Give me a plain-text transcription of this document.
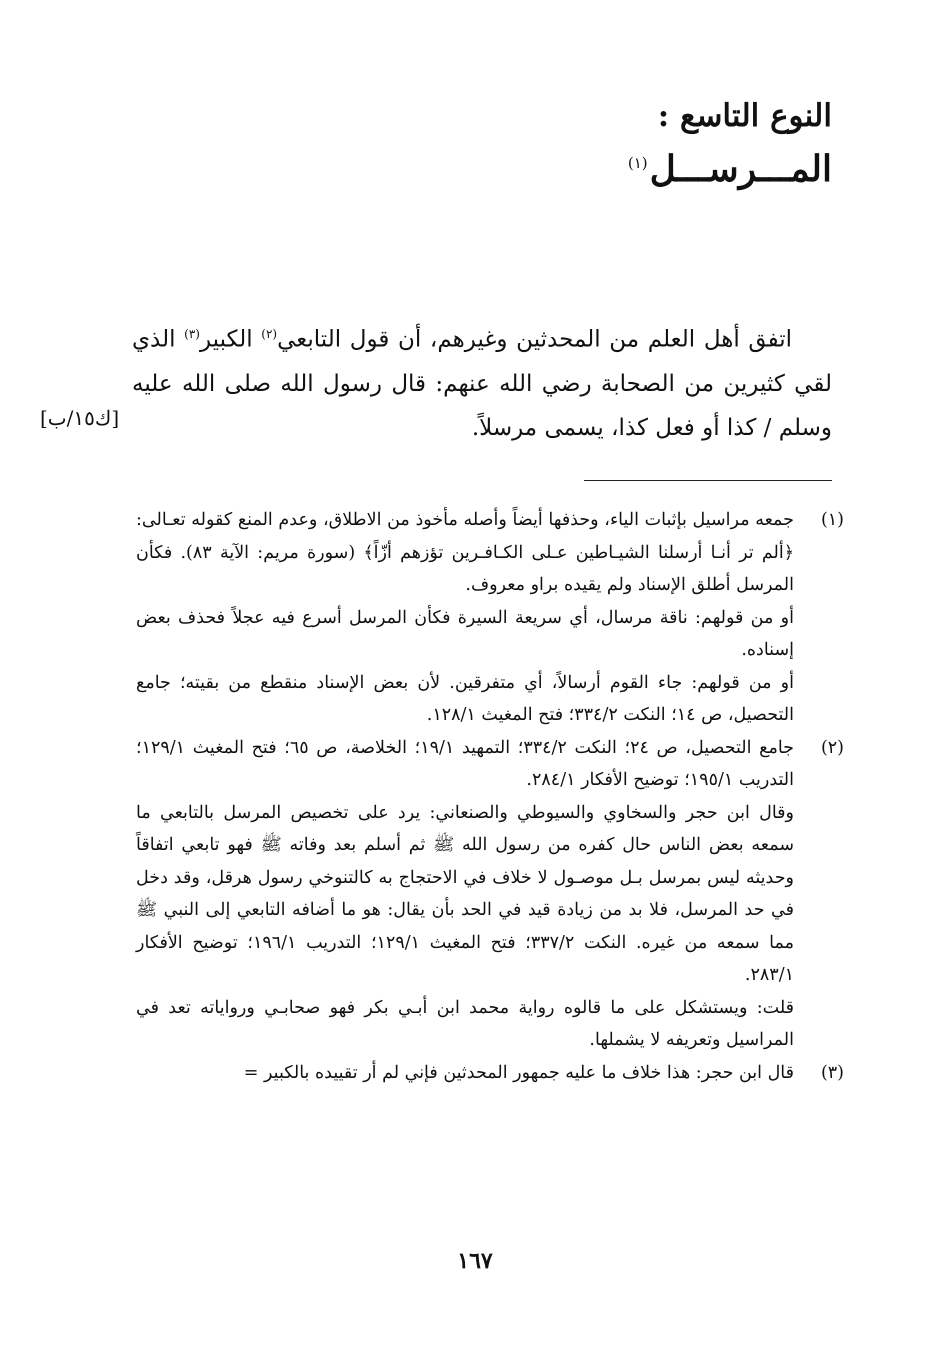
النوع التاسع :
المـــرســـل$^{(١)}$

اتفق أهل العلم من المحدثين وغيرهم، أن قول التابعي$^{(٢)}$ الكبير$^{(٣)}$ الذي لقي كثيرين من الصحابة رضي الله عنهم: قال رسول الله صلى الله عليه وسلم / كذا أو فعل كذا، يسمى مرسلاً.

[ك١٥/ب]
(١)

جمعه مراسيل بإثبات الياء، وحذفها أيضاً وأصله مأخوذ من الاطلاق، وعدم المنع كقوله تعـالى: ﴿ألم تر أنـا أرسلنا الشيـاطين عـلى الكـافـرين تؤزهم أزّاً﴾ (سورة مريم: الآية ٨٣). فكأن المرسل أطلق الإسناد ولم يقيده براو معروف.

أو من قولهم: ناقة مرسال، أي سريعة السيرة فكأن المرسل أسرع فيه عجلاً فحذف بعض إسناده.

أو من قولهم: جاء القوم أرسالاً، أي متفرقين. لأن بعض الإسناد منقطع من بقيته؛ جامع التحصيل، ص ١٤؛ النكت ٣٣٤/٢؛ فتح المغيث ١٢٨/١.

(٢)

جامع التحصيل، ص ٢٤؛ النكت ٣٣٤/٢؛ التمهيد ١٩/١؛ الخلاصة، ص ٦٥؛ فتح المغيث ١٢٩/١؛ التدريب ١٩٥/١؛ توضيح الأفكار ٢٨٤/١.

وقال ابن حجر والسخاوي والسيوطي والصنعاني: يرد على تخصيص المرسل بالتابعي ما سمعه بعض الناس حال كفره من رسول الله ﷺ ثم أسلم بعد وفاته ﷺ فهو تابعي اتفاقاً وحديثه ليس بمرسل بـل موصـول لا خلاف في الاحتجاج به كالتنوخي رسول هرقل، وقد دخل في حد المرسل، فلا بد من زيادة قيد في الحد بأن يقال: هو ما أضافه التابعي إلى النبي ﷺ مما سمعه من غيره. النكت ٣٣٧/٢؛ فتح المغيث ١٢٩/١؛ التدريب ١٩٦/١؛ توضيح الأفكار ٢٨٣/١.

قلت: ويستشكل على ما قالوه رواية محمد ابن أبـي بكر فهو صحابـي ورواياته تعد في المراسيل وتعريفه لا يشملها.

(٣)

قال ابن حجر: هذا خلاف ما عليه جمهور المحدثين فإني لم أر تقييده بالكبير =

١٦٧
